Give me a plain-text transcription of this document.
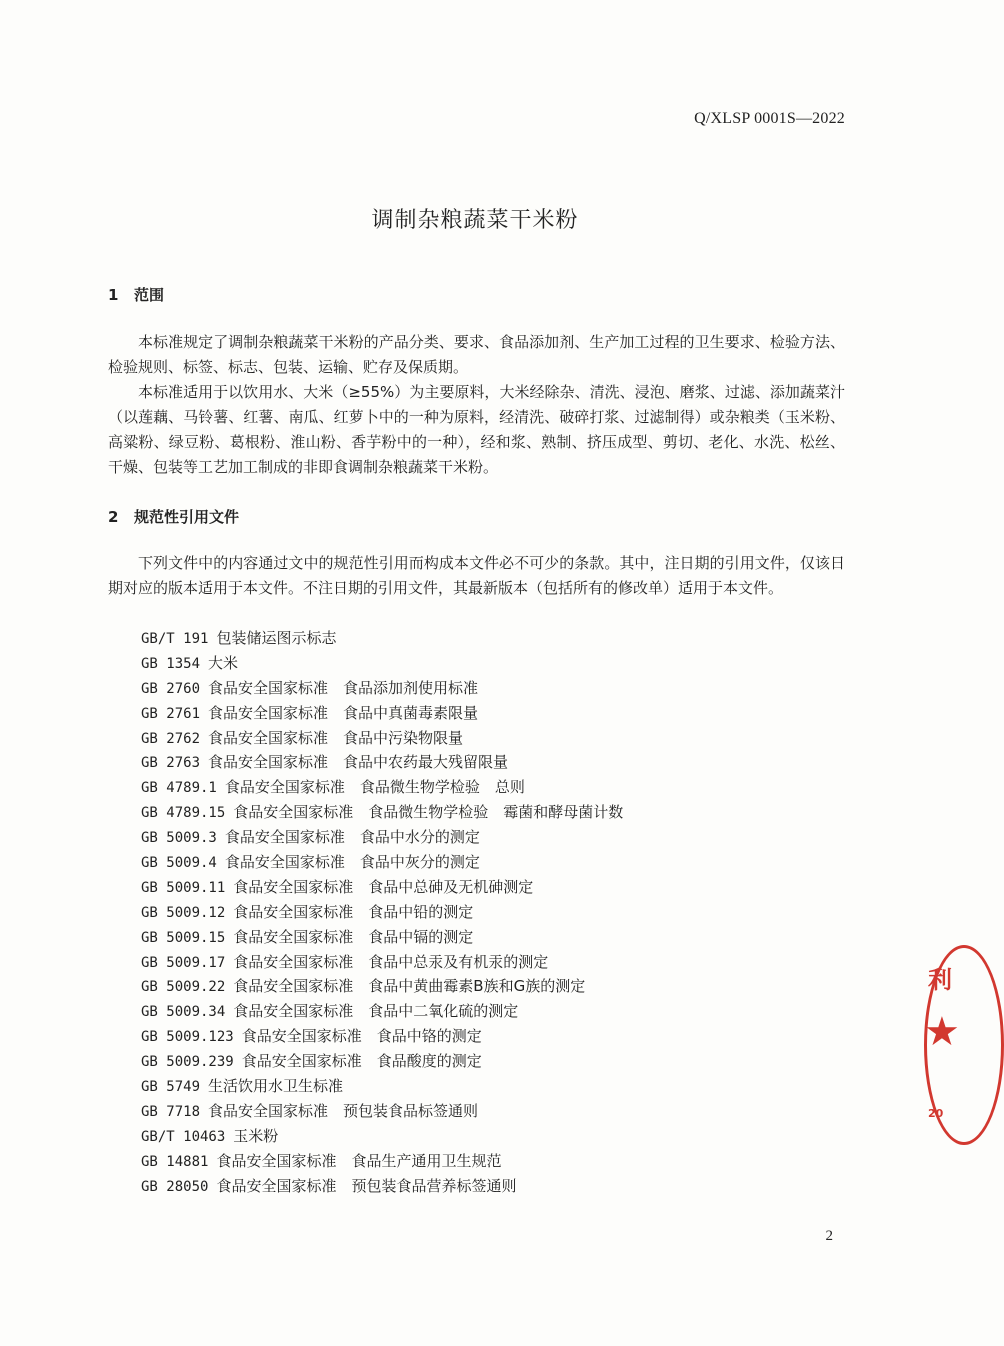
Q/XLSP 0001S—2022
调制杂粮蔬菜干米粉
1 范围
本标准规定了调制杂粮蔬菜干米粉的产品分类、要求、食品添加剂、生产加工过程的卫生要求、检验方法、检验规则、标签、标志、包装、运输、贮存及保质期。
本标准适用于以饮用水、大米（≥55%）为主要原料，大米经除杂、清洗、浸泡、磨浆、过滤、添加蔬菜汁（以莲藕、马铃薯、红薯、南瓜、红萝卜中的一种为原料，经清洗、破碎打浆、过滤制得）或杂粮类（玉米粉、高粱粉、绿豆粉、葛根粉、淮山粉、香芋粉中的一种），经和浆、熟制、挤压成型、剪切、老化、水洗、松丝、干燥、包装等工艺加工制成的非即食调制杂粮蔬菜干米粉。
2 规范性引用文件
下列文件中的内容通过文中的规范性引用而构成本文件必不可少的条款。其中，注日期的引用文件，仅该日期对应的版本适用于本文件。不注日期的引用文件，其最新版本（包括所有的修改单）适用于本文件。
GB/T 191 包装储运图示标志
GB 1354 大米
GB 2760 食品安全国家标准　食品添加剂使用标准
GB 2761 食品安全国家标准　食品中真菌毒素限量
GB 2762 食品安全国家标准　食品中污染物限量
GB 2763 食品安全国家标准　食品中农药最大残留限量
GB 4789.1 食品安全国家标准　食品微生物学检验　总则
GB 4789.15 食品安全国家标准　食品微生物学检验　霉菌和酵母菌计数
GB 5009.3 食品安全国家标准　食品中水分的测定
GB 5009.4 食品安全国家标准　食品中灰分的测定
GB 5009.11 食品安全国家标准　食品中总砷及无机砷测定
GB 5009.12 食品安全国家标准　食品中铅的测定
GB 5009.15 食品安全国家标准　食品中镉的测定
GB 5009.17 食品安全国家标准　食品中总汞及有机汞的测定
GB 5009.22 食品安全国家标准　食品中黄曲霉素B族和G族的测定
GB 5009.34 食品安全国家标准　食品中二氧化硫的测定
GB 5009.123 食品安全国家标准　食品中铬的测定
GB 5009.239 食品安全国家标准　食品酸度的测定
GB 5749 生活饮用水卫生标准
GB 7718 食品安全国家标准　预包装食品标签通则
GB/T 10463 玉米粉
GB 14881 食品安全国家标准　食品生产通用卫生规范
GB 28050 食品安全国家标准　预包装食品营养标签通则
2
利
★
20
